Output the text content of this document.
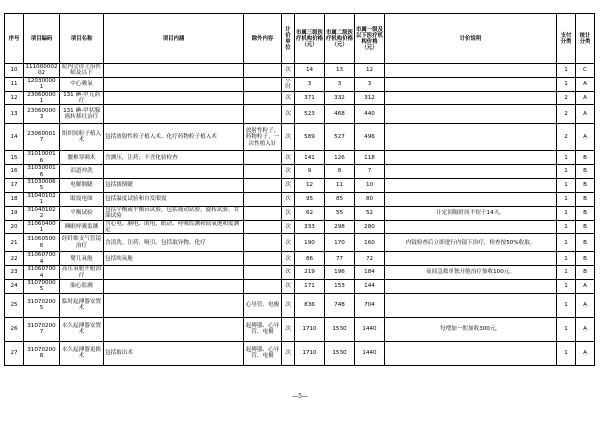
序号	项目编码	项目名称	项目内涵	除外内容	计价单位	市属三级医疗机构价格（元）	市属二级医疗机构价格（元）	市属一级及以下医疗机构价格（元）	计价说明	支付分类	统计分类
10	111000002 02	院内会诊主治医师及以下			次	14	13	12		1	C
11	12030000 1	中心吸氧			小时	3	3	3		1	A
12	23060000 1	131 碘-甲亢治疗			次	371	332	312		2	A
13	23060000 3	131 碘-甲状腺癌转移灶治疗			次	523	468	440		2	A
14	23060001 7	组织间粒子植入术	包括放射性粒子植入术、化疗药物粒子植入术	放射性粒子，药物粒子，一次性植入针	次	589	527	496		2	A
15	31010001 6	腰椎穿刺术	含测压，注药；不含化验检查		次	141	126	118		1	B
16	31030001 6	泪道冲洗			次	9	8	7		1	B
17	31030006 5	电解倒睫	包括拔倒睫		次	12	11	10		1	B
18	31040102 1	眼震电图	包括温度试验和自发眼震		次	95	85	80		1	B
19	31040102 2	平衡试验	包括平衡或平衡台试验，包括视动试验，旋转试验，甘油试验		次	62	55	52	计定间隔时间不短于14天。	1	B
20	31060400 1	睡眠呼吸监测	含心电、脑电、肌电、眼动、呼吸监测和血氧饱和度测定		次	333	298	280		1	B
21	31060500 6	经纤维支气管镜治疗	含清洗、注药、吸引、包括取异物、化疗		次	190	170	160	内镜检查后立即进行内镜下治疗，检查按50%收取。	1	B
22	31060700 4	婴儿氧舱	包括纯氧舱		次	86	77	72		1	B
23	31060700 4	高压氧舱开舱治疗			次	219	196	184	夜间急救单独开舱治疗加收100元。	1	B
24	31070000 5	胎心监测			次	171	153	144		1	A
25	31070200 5	临时起搏器安置术		心导管、电极	次	836	748	704		1	A
26	31070200 7	永久起搏器安置术		起搏器、心导管、电极	次	1710	1530	1440	每增加一腔加收300元。	1	A
27	31070200 8	永久起搏器更换术	包括取出术	起搏器、心导管、电极	次	1710	1530	1440		1	A
—5—
